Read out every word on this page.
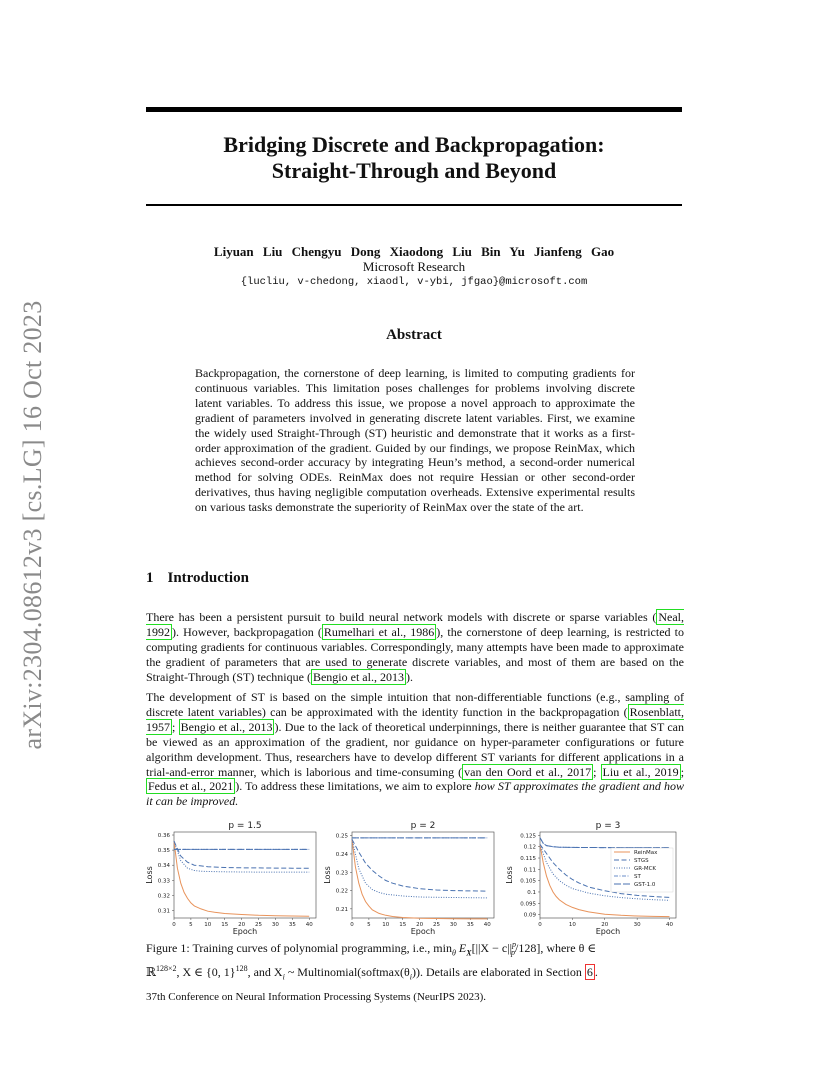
arXiv:2304.08612v3 [cs.LG] 16 Oct 2023
Bridging Discrete and Backpropagation:
Straight-Through and Beyond
Liyuan Liu Chengyu Dong Xiaodong Liu Bin Yu Jianfeng Gao
Microsoft Research
{lucliu, v-chedong, xiaodl, v-ybi, jfgao}@microsoft.com
Abstract
Backpropagation, the cornerstone of deep learning, is limited to computing gradients for continuous variables. This limitation poses challenges for problems involving discrete latent variables. To address this issue, we propose a novel approach to approximate the gradient of parameters involved in generating discrete latent variables. First, we examine the widely used Straight-Through (ST) heuristic and demonstrate that it works as a first-order approximation of the gradient. Guided by our findings, we propose ReinMax, which achieves second-order accuracy by integrating Heun’s method, a second-order numerical method for solving ODEs. ReinMax does not require Hessian or other second-order derivatives, thus having negligible computation overheads. Extensive experimental results on various tasks demonstrate the superiority of ReinMax over the state of the art.
1 Introduction
There has been a persistent pursuit to build neural network models with discrete or sparse variables ( Neal, 1992 ). However, backpropagation ( Rumelhari et al., 1986 ), the cornerstone of deep learning, is restricted to computing gradients for continuous variables. Correspondingly, many attempts have been made to approximate the gradient of parameters that are used to generate discrete variables, and most of them are based on the Straight-Through (ST) technique ( Bengio et al., 2013 ).
The development of ST is based on the simple intuition that non-differentiable functions (e.g., sampling of discrete latent variables) can be approximated with the identity function in the backpropagation ( Rosenblatt, 1957 ; Bengio et al., 2013 ). Due to the lack of theoretical underpinnings, there is neither guarantee that ST can be viewed as an approximation of the gradient, nor guidance on hyper-parameter configurations or future algorithm development. Thus, researchers have to develop different ST variants for different applications in a trial-and-error manner, which is laborious and time-consuming ( van den Oord et al., 2017 ; Liu et al., 2019 ; Fedus et al., 2021 ). To address these limitations, we aim to explore how ST approximates the gradient and how it can be improved.
p = 1.5
0.31
0.32
0.33
0.34
0.35
0.36
0 5 10 15 20 25 30 35 40
Epoch
Loss
p = 2
0.21
0.22
0.23
0.24
0.25
0 5 10 15 20 25 30 35 40
Epoch
Loss
p = 3
0.09
0.095
0.1
0.105
0.11
0.115
0.12
0.125
0	10	20	30	40
Epoch
Loss
ReinMax
STGS
GR-MCK
ST
GST-1.0
Figure 1: Training curves of polynomial programming, i.e., $\min_\theta E_X[||X - c||^p_p/128]$, where θ ∈
ℝ$^{128\times 2}$, X ∈ {0, 1}$^{128}$, and $X_i$ ~ $Multinomial(softmax(\theta_i))$. Details are elaborated in Section 6 .
37th Conference on Neural Information Processing Systems (NeurIPS 2023).
